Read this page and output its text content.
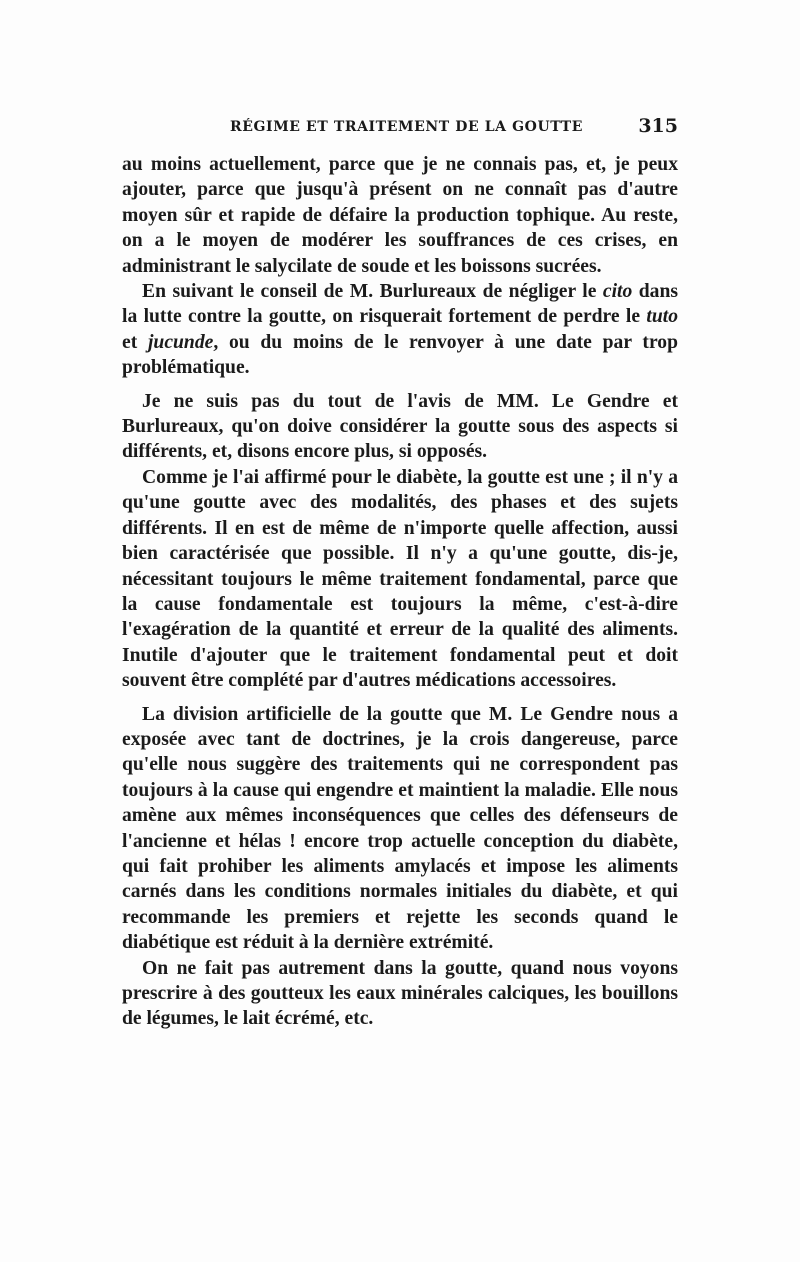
RÉGIME ET TRAITEMENT DE LA GOUTTE	315

au moins actuellement, parce que je ne connais pas, et, je peux ajouter, parce que jusqu'à présent on ne connaît pas d'autre moyen sûr et rapide de défaire la production tophique. Au reste, on a le moyen de modérer les souffrances de ces crises, en administrant le salycilate de soude et les boissons sucrées.

En suivant le conseil de M. Burlureaux de négliger le cito dans la lutte contre la goutte, on risquerait fortement de perdre le tuto et jucunde, ou du moins de le renvoyer à une date par trop problématique.

Je ne suis pas du tout de l'avis de MM. Le Gendre et Burlureaux, qu'on doive considérer la goutte sous des aspects si différents, et, disons encore plus, si opposés.

Comme je l'ai affirmé pour le diabète, la goutte est une ; il n'y a qu'une goutte avec des modalités, des phases et des sujets différents. Il en est de même de n'importe quelle affection, aussi bien caractérisée que possible. Il n'y a qu'une goutte, dis-je, nécessitant toujours le même traitement fondamental, parce que la cause fondamentale est toujours la même, c'est-à-dire l'exagération de la quantité et erreur de la qualité des aliments. Inutile d'ajouter que le traitement fondamental peut et doit souvent être complété par d'autres médications accessoires.

La division artificielle de la goutte que M. Le Gendre nous a exposée avec tant de doctrines, je la crois dangereuse, parce qu'elle nous suggère des traitements qui ne correspondent pas toujours à la cause qui engendre et maintient la maladie. Elle nous amène aux mêmes inconséquences que celles des défenseurs de l'ancienne et hélas ! encore trop actuelle conception du diabète, qui fait prohiber les aliments amylacés et impose les aliments carnés dans les conditions normales initiales du diabète, et qui recommande les premiers et rejette les seconds quand le diabétique est réduit à la dernière extrémité.

On ne fait pas autrement dans la goutte, quand nous voyons prescrire à des goutteux les eaux minérales calciques, les bouillons de légumes, le lait écrémé, etc.
